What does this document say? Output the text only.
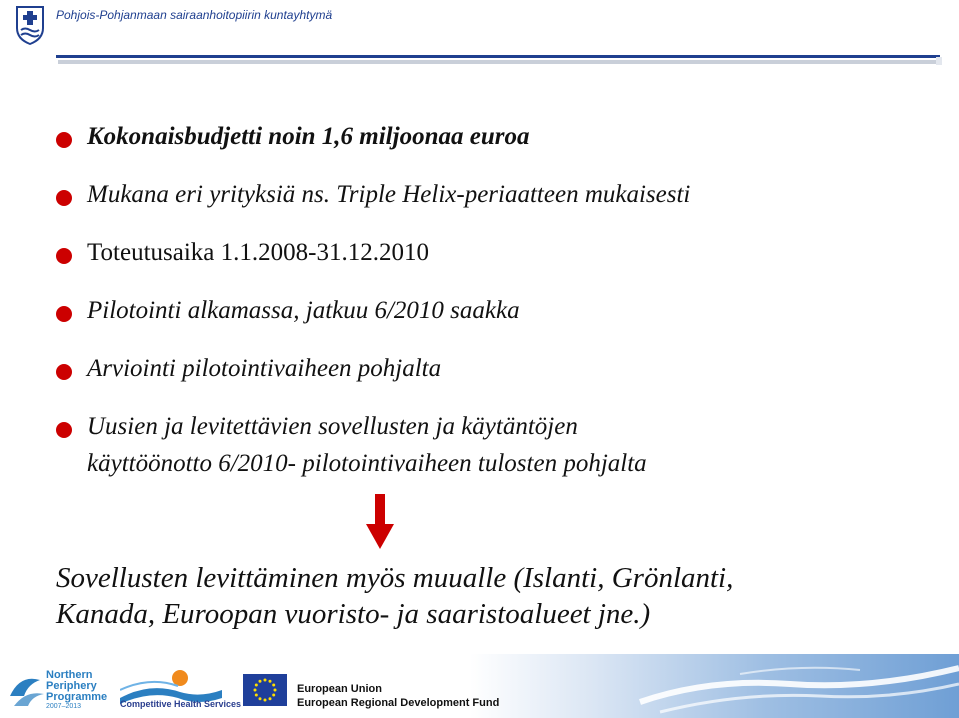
Pohjois-Pohjanmaan sairaanhoitopiirin kuntayhtymä
Kokonaisbudjetti noin 1,6 miljoonaa euroa
Mukana eri yrityksiä ns. Triple Helix-periaatteen mukaisesti
Toteutusaika 1.1.2008-31.12.2010
Pilotointi alkamassa, jatkuu 6/2010 saakka
Arviointi pilotointivaiheen pohjalta
Uusien ja levitettävien sovellusten ja käytäntöjen
käyttöönotto 6/2010- pilotointivaiheen tulosten pohjalta
Sovellusten levittäminen myös muualle (Islanti, Grönlanti,
Kanada, Euroopan vuoristo- ja saaristoalueet jne.)
Northern
Periphery
Programme
2007–2013	Competitive Health Services
European Union
European Regional Development Fund
